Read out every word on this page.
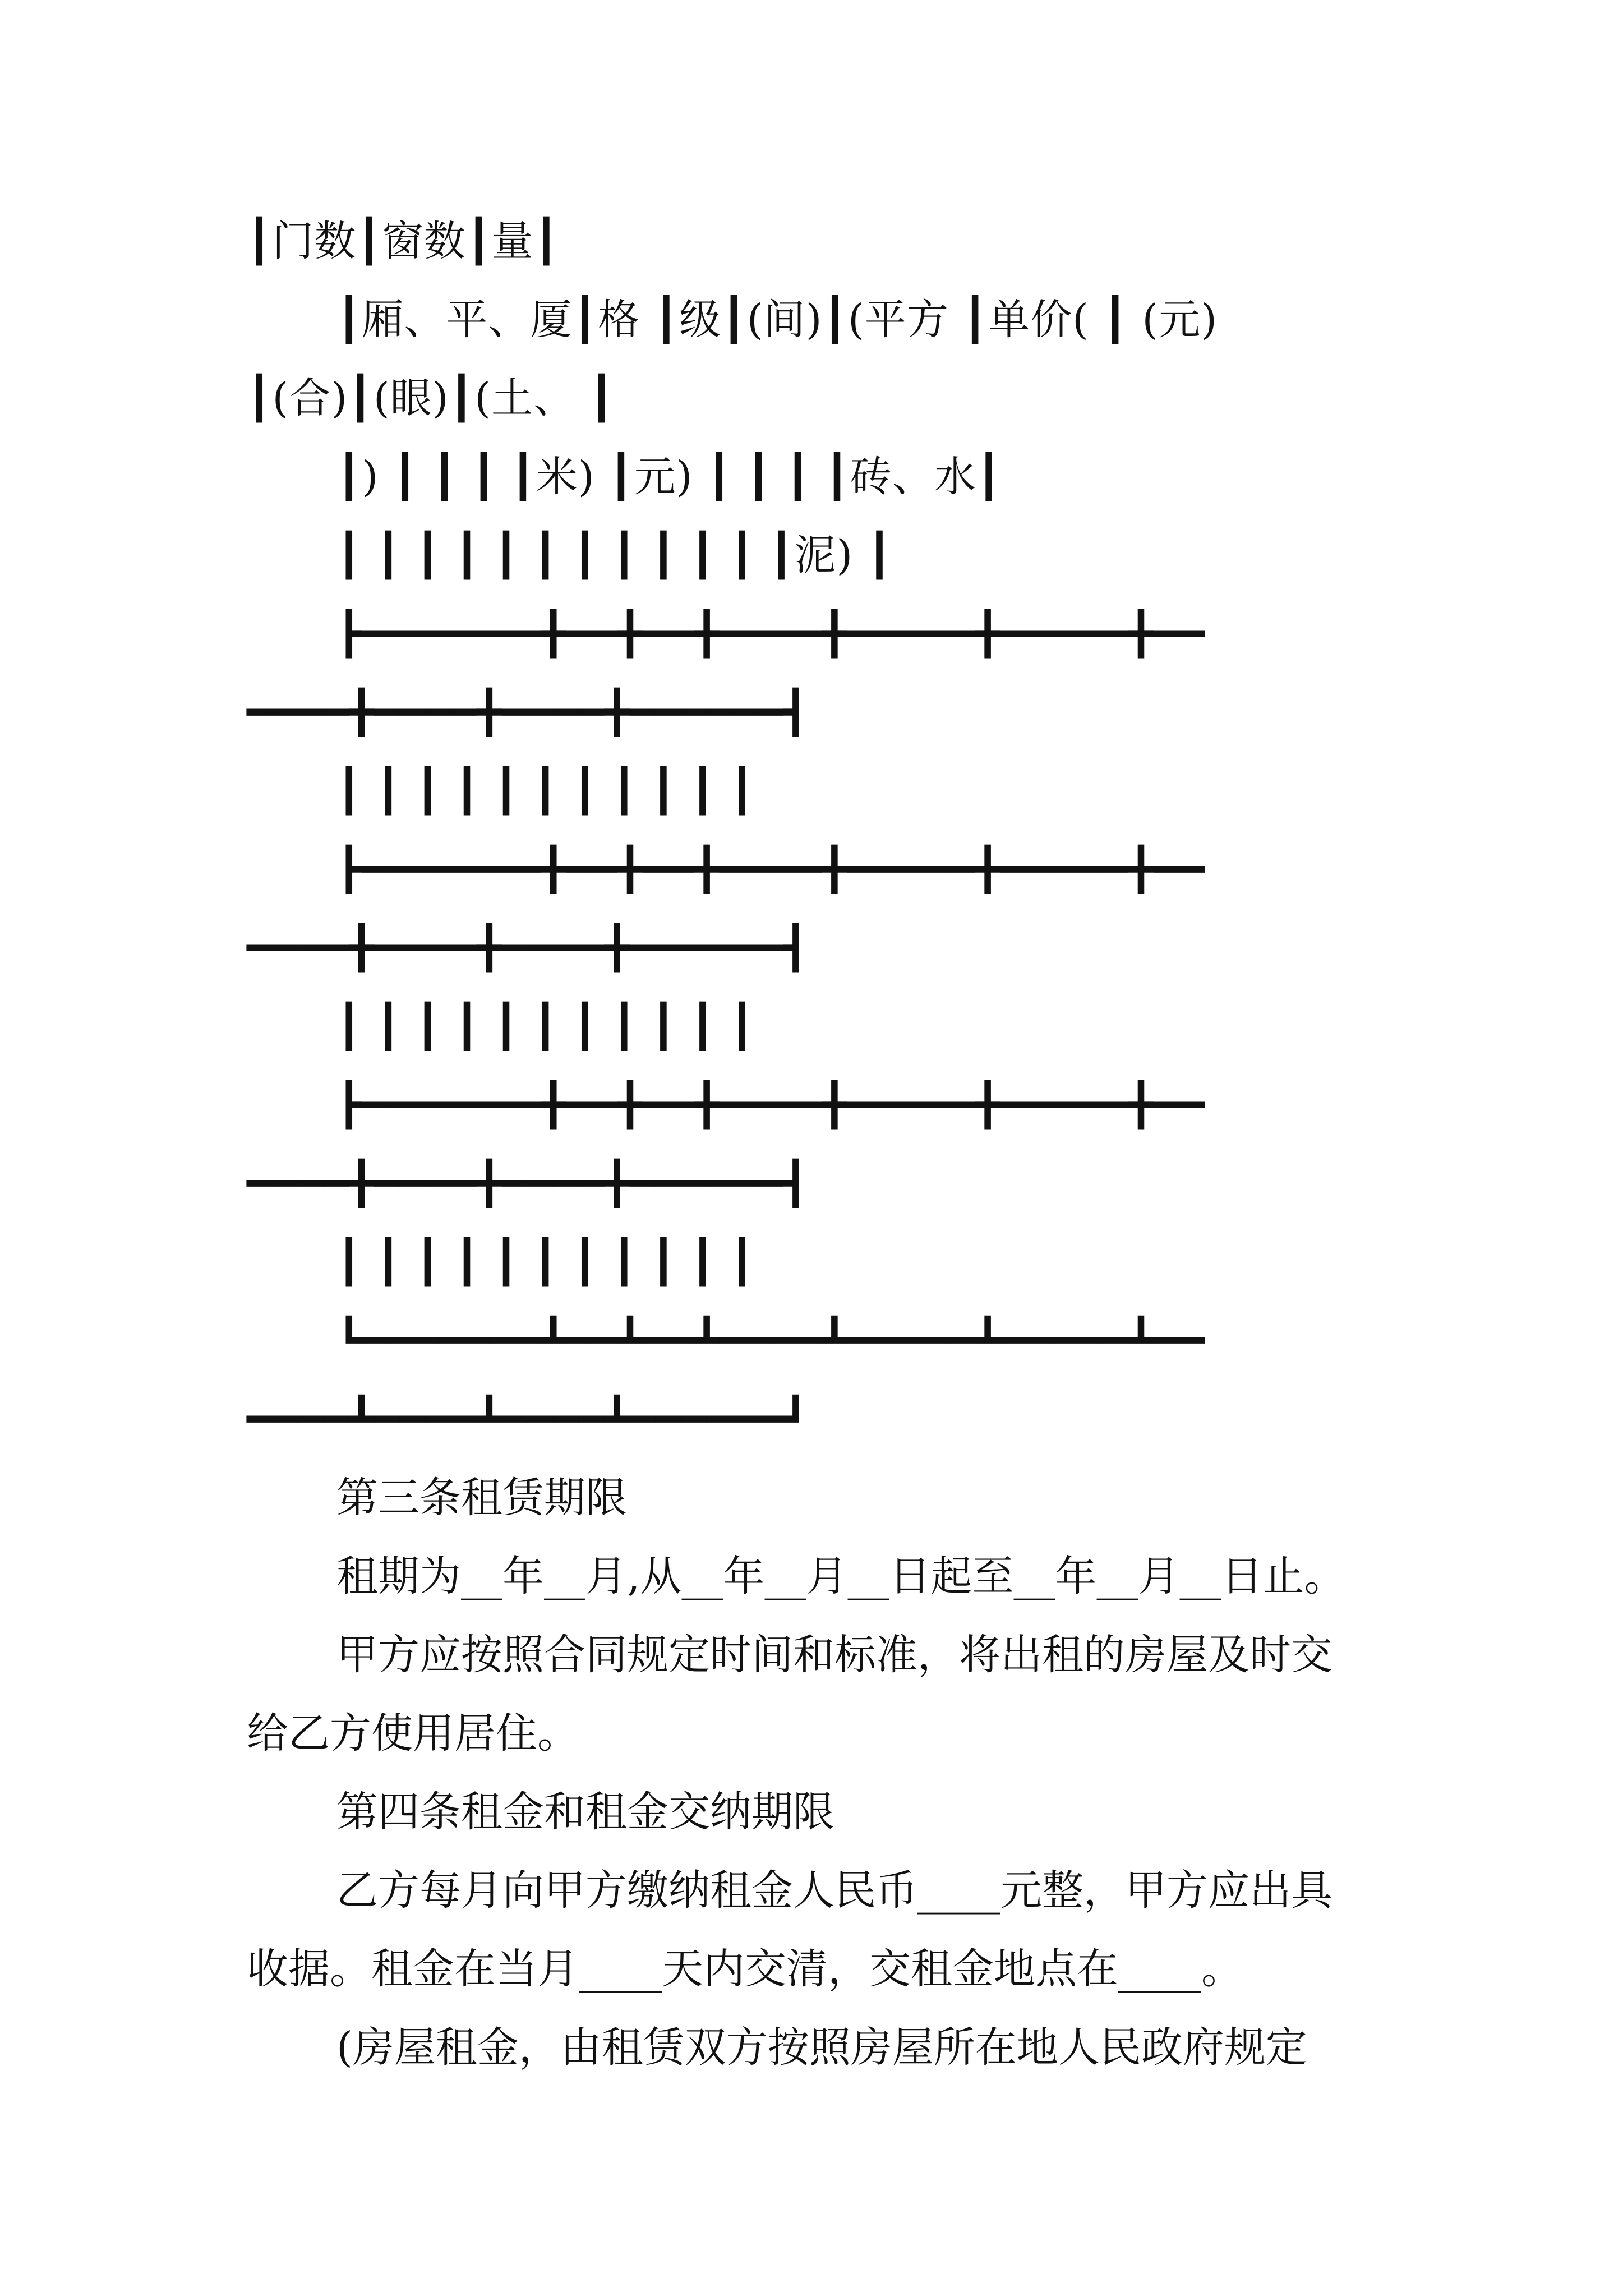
┃门数┃窗数┃量┃
┃厢、平、厦┃格 ┃级┃(间)┃(平方 ┃单价( ┃ (元)
┃(合)┃(眼)┃(土、 ┃
┃) ┃ ┃ ┃ ┃米) ┃元) ┃ ┃ ┃ ┃砖、水┃
┃ ┃ ┃ ┃ ┃ ┃ ┃ ┃ ┃ ┃ ┃ ┃泥) ┃
┣━━━━━━━╋━━╋━━╋━━━━╋━━━━━╋━━━━━╋━━
━━━━╋━━━━╋━━━━╋━━━━━━┫
┃ ┃ ┃ ┃ ┃ ┃ ┃ ┃ ┃ ┃ ┃
┣━━━━━━━╋━━╋━━╋━━━━╋━━━━━╋━━━━━╋━━
━━━━╋━━━━╋━━━━╋━━━━━━┫
┃ ┃ ┃ ┃ ┃ ┃ ┃ ┃ ┃ ┃ ┃
┣━━━━━━━╋━━╋━━╋━━━━╋━━━━━╋━━━━━╋━━
━━━━╋━━━━╋━━━━╋━━━━━━┫
┃ ┃ ┃ ┃ ┃ ┃ ┃ ┃ ┃ ┃ ┃
┗━━━━━━━┻━━┻━━┻━━━━┻━━━━━┻━━━━━┻━━
━━━━┻━━━━┻━━━━┻━━━━━━┛
第三条租赁期限
租期为__年__月,从__年__月__日起至__年__月__日止。
甲方应按照合同规定时间和标准，将出租的房屋及时交
给乙方使用居住。
第四条租金和租金交纳期限
乙方每月向甲方缴纳租金人民币____元整，甲方应出具
收据。租金在当月____天内交清，交租金地点在____。
(房屋租金，由租赁双方按照房屋所在地人民政府规定
